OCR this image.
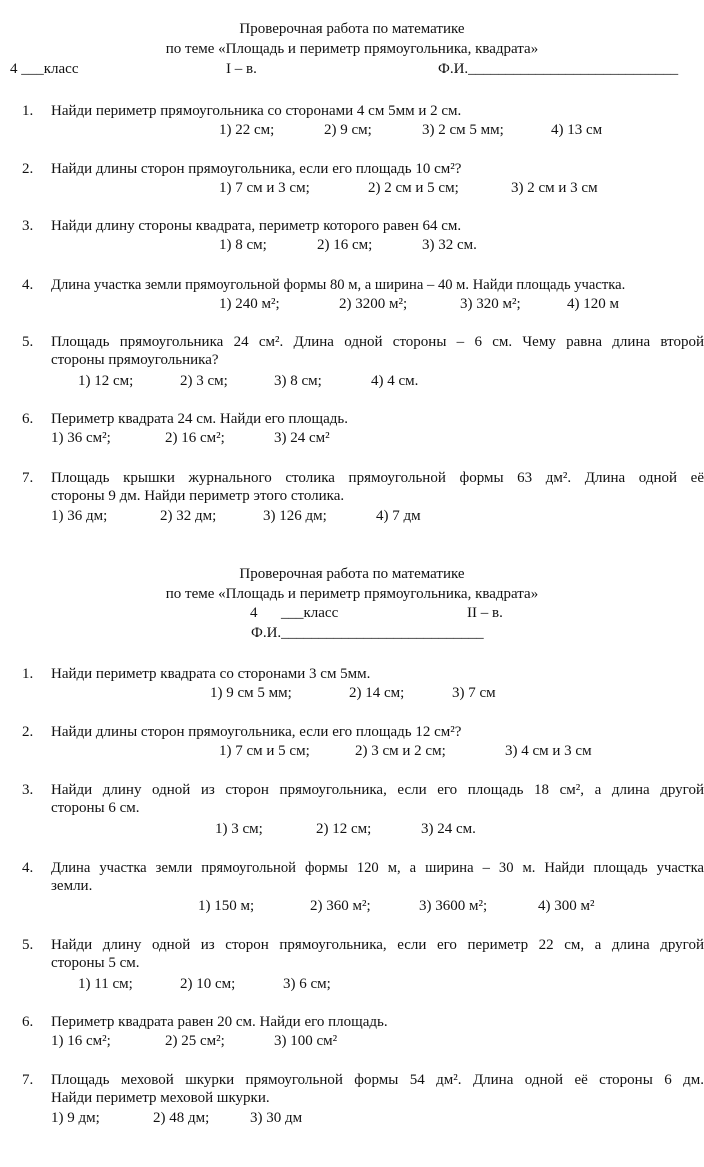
Проверочная работа по математике
по теме «Площадь и периметр прямоугольника, квадрата»
4 ___класс	I – в.	Ф.И.____________________________
1. Найди периметр прямоугольника со сторонами 4 см 5мм и 2 см.
1) 22 см;	2) 9 см;	3) 2 см 5 мм;	4) 13 см
2. Найди длины сторон прямоугольника, если его площадь 10 см²?
1) 7 см и 3 см;	2) 2 см и 5 см;	3) 2 см и 3 см
3. Найди длину стороны квадрата, периметр которого равен 64 см.
1) 8 см;	2) 16 см;	3) 32 см.
4. Длина участка земли прямоугольной формы 80 м, а ширина – 40 м. Найди площадь участка.
1) 240 м²;	2) 3200 м²;	3) 320 м²;	4) 120 м
5. Площадь прямоугольника 24 см². Длина одной стороны – 6 см. Чему равна длина второй
стороны прямоугольника?
1) 12 см;	2) 3 см;	3) 8 см;	4) 4 см.
6. Периметр квадрата 24 см. Найди его площадь.
1) 36 см²;	2) 16 см²;	3) 24 см²
7. Площадь крышки журнального столика прямоугольной формы 63 дм². Длина одной её
стороны 9 дм. Найди периметр этого столика.
1) 36 дм;	2) 32 дм;	3) 126 дм;	4) 7 дм
Проверочная работа по математике
по теме «Площадь и периметр прямоугольника, квадрата»
4 ___класс	II – в.
Ф.И.___________________________
1. Найди периметр квадрата со сторонами 3 см 5мм.
1) 9 см 5 мм;	2) 14 см;	3) 7 см
2. Найди длины сторон прямоугольника, если его площадь 12 см²?
1) 7 см и 5 см;	2) 3 см и 2 см;	3) 4 см и 3 см
3. Найди длину одной из сторон прямоугольника, если его площадь 18 см², а длина другой
стороны 6 см.
1) 3 см;	2) 12 см;	3) 24 см.
4. Длина участка земли прямоугольной формы 120 м, а ширина – 30 м. Найди площадь участка
земли.
1) 150 м;	2) 360 м²;	3) 3600 м²;	4) 300 м²
5. Найди длину одной из сторон прямоугольника, если его периметр 22 см, а длина другой
стороны 5 см.
1) 11 см;	2) 10 см;	3) 6 см;
6. Периметр квадрата равен 20 см. Найди его площадь.
1) 16 см²;	2) 25 см²;	3) 100 см²
7. Площадь меховой шкурки прямоугольной формы 54 дм². Длина одной её стороны 6 дм.
Найди периметр меховой шкурки.
1) 9 дм;	2) 48 дм;	3) 30 дм
